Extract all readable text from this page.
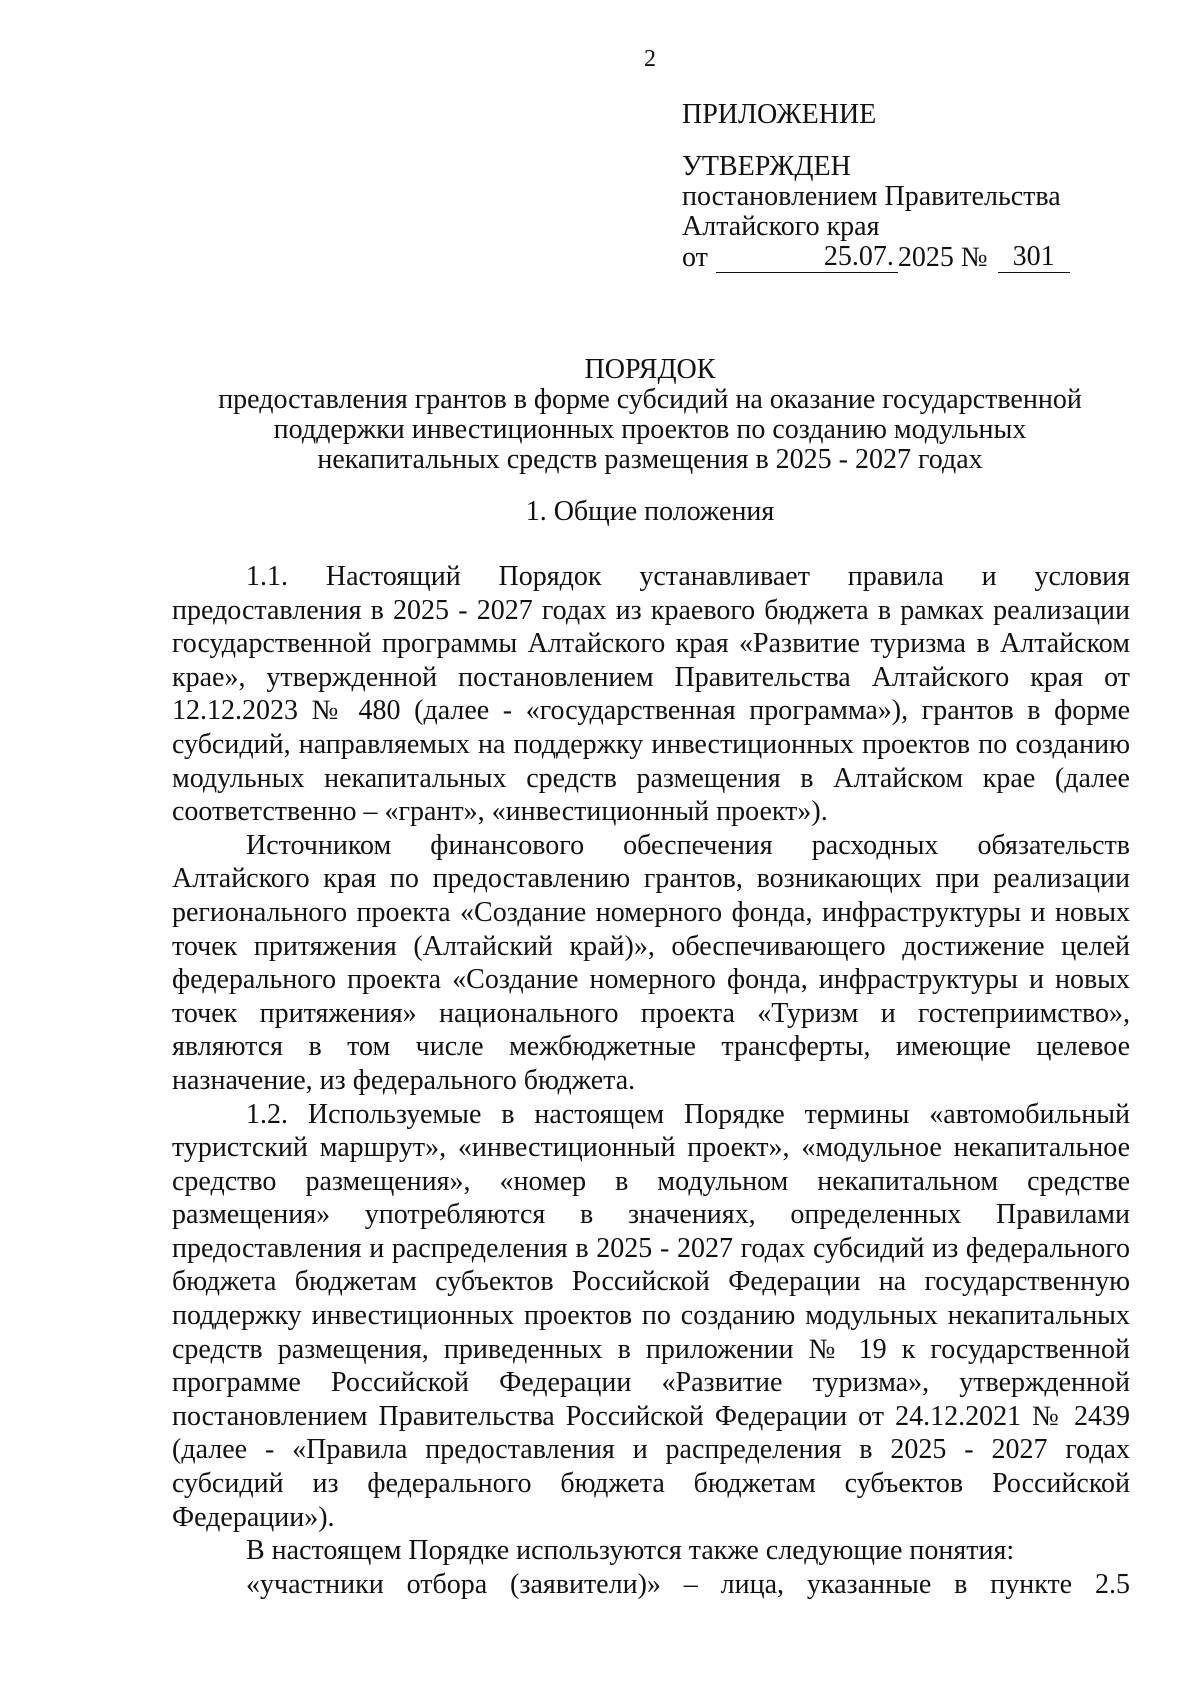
2
ПРИЛОЖЕНИЕ
УТВЕРЖДЕН
постановлением Правительства
Алтайского края
от	25.07. 2025 № 301
ПОРЯДОК
предоставления грантов в форме субсидий на оказание государственной
поддержки инвестиционных проектов по созданию модульных
некапитальных средств размещения в 2025 - 2027 годах
1. Общие положения

1.1. Настоящий Порядок устанавливает правила и условия предоставления в 2025 - 2027 годах из краевого бюджета в рамках реализации государственной программы Алтайского края «Развитие туризма в Алтайском крае», утвержденной постановлением Правительства Алтайского края от 12.12.2023 № 480 (далее - «государственная программа»), грантов в форме субсидий, направляемых на поддержку инвестиционных проектов по созданию модульных некапитальных средств размещения в Алтайском крае (далее соответственно – «грант», «инвестиционный проект»).

Источником финансового обеспечения расходных обязательств Алтайского края по предоставлению грантов, возникающих при реализации регионального проекта «Создание номерного фонда, инфраструктуры и новых точек притяжения (Алтайский край)», обеспечивающего достижение целей федерального проекта «Создание номерного фонда, инфраструктуры и новых точек притяжения» национального проекта «Туризм и гостеприимство», являются в том числе межбюджетные трансферты, имеющие целевое назначение, из федерального бюджета.

1.2. Используемые в настоящем Порядке термины «автомобильный туристский маршрут», «инвестиционный проект», «модульное некапитальное средство размещения», «номер в модульном некапитальном средстве размещения» употребляются в значениях, определенных Правилами предоставления и распределения в 2025 - 2027 годах субсидий из федерального бюджета бюджетам субъектов Российской Федерации на государственную поддержку инвестиционных проектов по созданию модульных некапитальных средств размещения, приведенных в приложении № 19 к государственной программе Российской Федерации «Развитие туризма», утвержденной постановлением Правительства Российской Федерации от 24.12.2021 № 2439 (далее - «Правила предоставления и распределения в 2025 - 2027 годах субсидий из федерального бюджета бюджетам субъектов Российской Федерации»).

В настоящем Порядке используются также следующие понятия:

«участники отбора (заявители)» – лица, указанные в пункте 2.5
